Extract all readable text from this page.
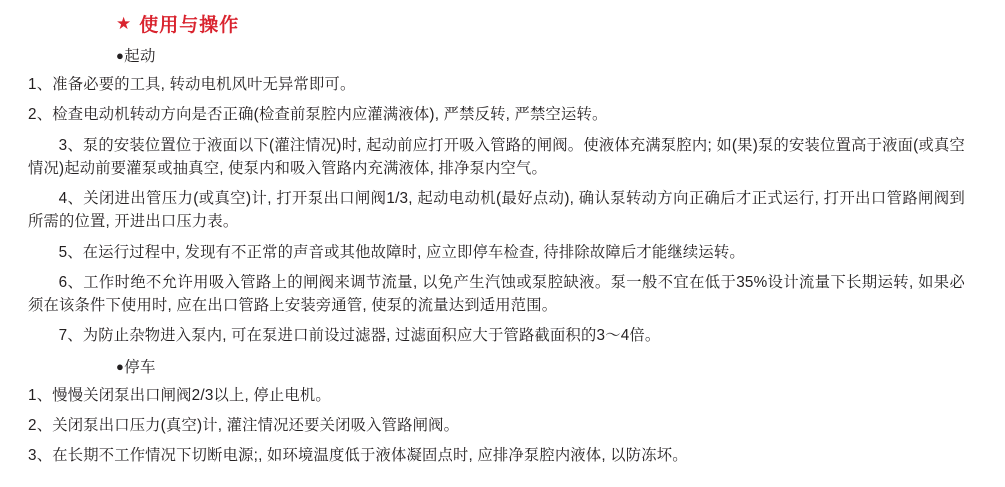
★ 使用与操作
●起动

1、准备必要的工具, 转动电机风叶无异常即可。

2、检查电动机转动方向是否正确(检查前泵腔内应灌满液体), 严禁反转, 严禁空运转。

3、泵的安装位置位于液面以下(灌注情况)时, 起动前应打开吸入管路的闸阀。使液体充满泵腔内; 如(果)泵的安装位置高于液面(或真空情况)起动前要灌泵或抽真空, 使泵内和吸入管路内充满液体, 排净泵内空气。

4、关闭进出管压力(或真空)计, 打开泵出口闸阀1/3, 起动电动机(最好点动), 确认泵转动方向正确后才正式运行, 打开出口管路闸阀到所需的位置, 开进出口压力表。

5、在运行过程中, 发现有不正常的声音或其他故障时, 应立即停车检查, 待排除故障后才能继续运转。

6、工作时绝不允许用吸入管路上的闸阀来调节流量, 以免产生汽蚀或泵腔缺液。泵一般不宜在低于35%设计流量下长期运转, 如果必须在该条件下使用时, 应在出口管路上安装旁通管, 使泵的流量达到适用范围。

7、为防止杂物进入泵内, 可在泵进口前设过滤器, 过滤面积应大于管路截面积的3～4倍。

●停车

1、慢慢关闭泵出口闸阀2/3以上, 停止电机。

2、关闭泵出口压力(真空)计, 灌注情况还要关闭吸入管路闸阀。

3、在长期不工作情况下切断电源;, 如环境温度低于液体凝固点时, 应排净泵腔内液体, 以防冻坏。
